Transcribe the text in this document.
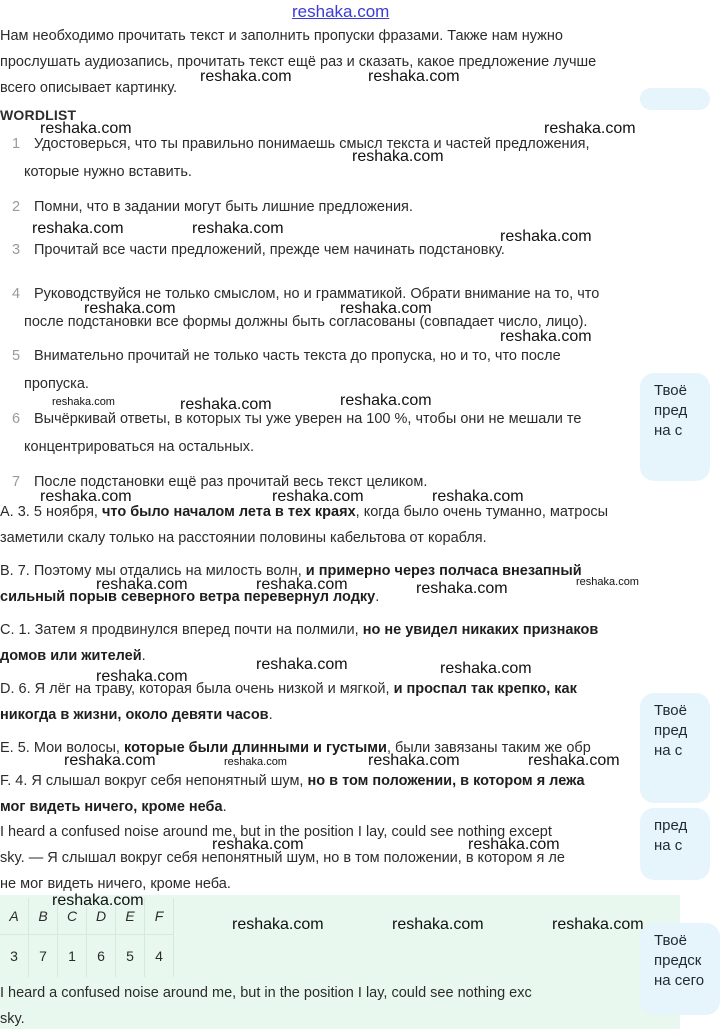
reshaka.com
Нам необходимо прочитать текст и заполнить пропуски фразами. Также нам нужно
прослушать аудиозапись, прочитать текст ещё раз и сказать, какое предложение лучше
всего описывает картинку.
WORDLIST
1 Удостоверься, что ты правильно понимаешь смысл текста и частей предложения,
которые нужно вставить.
2 Помни, что в задании могут быть лишние предложения.
3 Прочитай все части предложений, прежде чем начинать подстановку.
4 Руководствуйся не только смыслом, но и грамматикой. Обрати внимание на то, что
после подстановки все формы должны быть согласованы (совпадает число, лицо).
5 Внимательно прочитай не только часть текста до пропуска, но и то, что после
пропуска.
6 Вычёркивай ответы, в которых ты уже уверен на 100 %, чтобы они не мешали те
концентрироваться на остальных.
7 После подстановки ещё раз прочитай весь текст целиком.
A. 3. 5 ноября, что было началом лета в тех краях, когда было очень туманно, матросы
заметили скалу только на расстоянии половины кабельтова от корабля.
B. 7. Поэтому мы отдались на милость волн, и примерно через полчаса внезапный
сильный порыв северного ветра перевернул лодку.
C. 1. Затем я продвинулся вперед почти на полмили, но не увидел никаких признаков
домов или жителей.
D. 6. Я лёг на траву, которая была очень низкой и мягкой, и проспал так крепко, как
никогда в жизни, около девяти часов.
E. 5. Мои волосы, которые были длинными и густыми, были завязаны таким же обр
F. 4. Я слышал вокруг себя непонятный шум, но в том положении, в котором я лежа
мог видеть ничего, кроме неба.
I heard a confused noise around me, but in the position I lay, could see nothing except
sky. — Я слышал вокруг себя непонятный шум, но в том положении, в котором я ле
не мог видеть ничего, кроме неба.
A	B	C	D	E	F
3	7	1	6	5	4
I heard a confused noise around me, but in the position I lay, could see nothing exc
sky.
Твоё
пред
на с
Твоё
пред
на с
пред
на с
Твоё
предск
на сего
reshaka.com	reshaka.com
reshaka.com	reshaka.com
reshaka.com
reshaka.com	reshaka.com	reshaka.com
reshaka.com	reshaka.com
reshaka.com
reshaka.com	reshaka.com	reshaka.com
reshaka.com	reshaka.com	reshaka.com
reshaka.com	reshaka.com	reshaka.com	reshaka.com
reshaka.com	reshaka.com
reshaka.com
reshaka.com	reshaka.com	reshaka.com	reshaka.com
reshaka.com	reshaka.com
reshaka.com
reshaka.com	reshaka.com	reshaka.com
